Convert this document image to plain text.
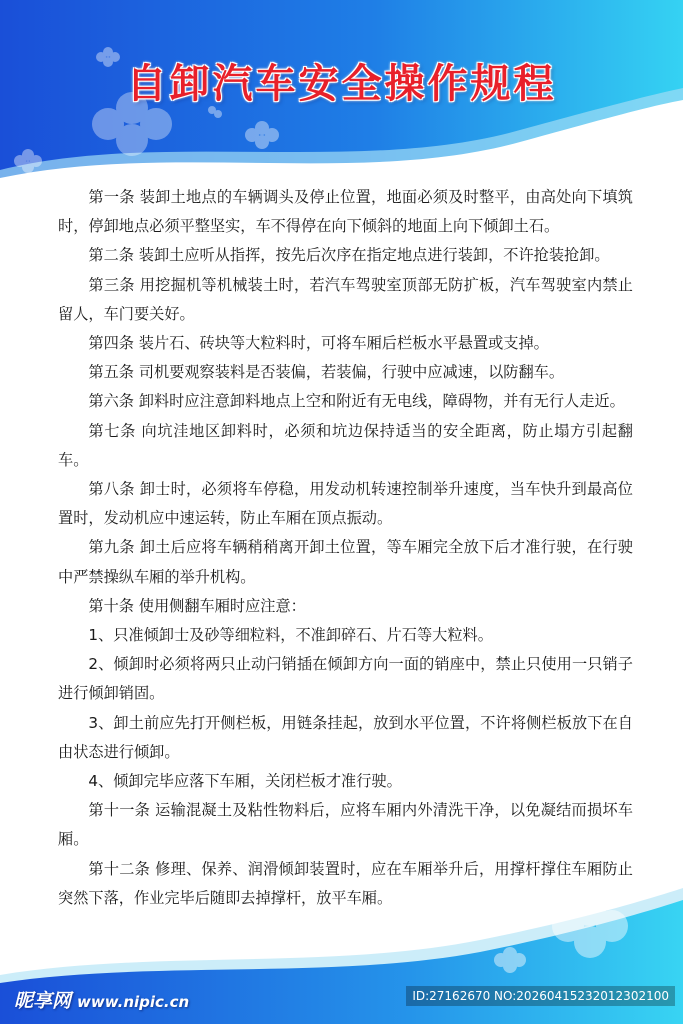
自卸汽车安全操作规程

第一条 装卸土地点的车辆调头及停止位置，地面必须及时整平，由高处向下填筑时，停卸地点必须平整坚实，车不得停在向下倾斜的地面上向下倾卸土石。

第二条 装卸土应听从指挥，按先后次序在指定地点进行装卸，不许抢装抢卸。

第三条 用挖掘机等机械装土时，若汽车驾驶室顶部无防扩板，汽车驾驶室内禁止留人，车门要关好。

第四条 装片石、砖块等大粒料时，可将车厢后栏板水平悬置或支掉。

第五条 司机要观察装料是否装偏，若装偏，行驶中应减速，以防翻车。

第六条 卸料时应注意卸料地点上空和附近有无电线，障碍物，并有无行人走近。

第七条 向坑洼地区卸料时，必须和坑边保持适当的安全距离，防止塌方引起翻车。

第八条 卸士时，必须将车停稳，用发动机转速控制举升速度，当车快升到最高位置时，发动机应中速运转，防止车厢在顶点振动。

第九条 卸土后应将车辆稍稍离开卸土位置，等车厢完全放下后才准行驶，在行驶中严禁操纵车厢的举升机构。

第十条 使用侧翻车厢时应注意：

1、只准倾卸士及砂等细粒料，不准卸碎石、片石等大粒料。

2、倾卸时必须将两只止动闩销插在倾卸方向一面的销座中，禁止只使用一只销子进行倾卸销固。

3、卸土前应先打开侧栏板，用链条挂起，放到水平位置，不许将侧栏板放下在自由状态进行倾卸。

4、倾卸完毕应落下车厢，关闭栏板才准行驶。

第十一条 运输混凝土及粘性物料后，应将车厢内外清洗干净，以免凝结而损坏车厢。

第十二条 修理、保养、润滑倾卸装置时，应在车厢举升后，用撑杆撑住车厢防止突然下落，作业完毕后随即去掉撑杆，放平车厢。

昵享网 www.nipic.cn	ID:27162670 NO:20260415232012302100
